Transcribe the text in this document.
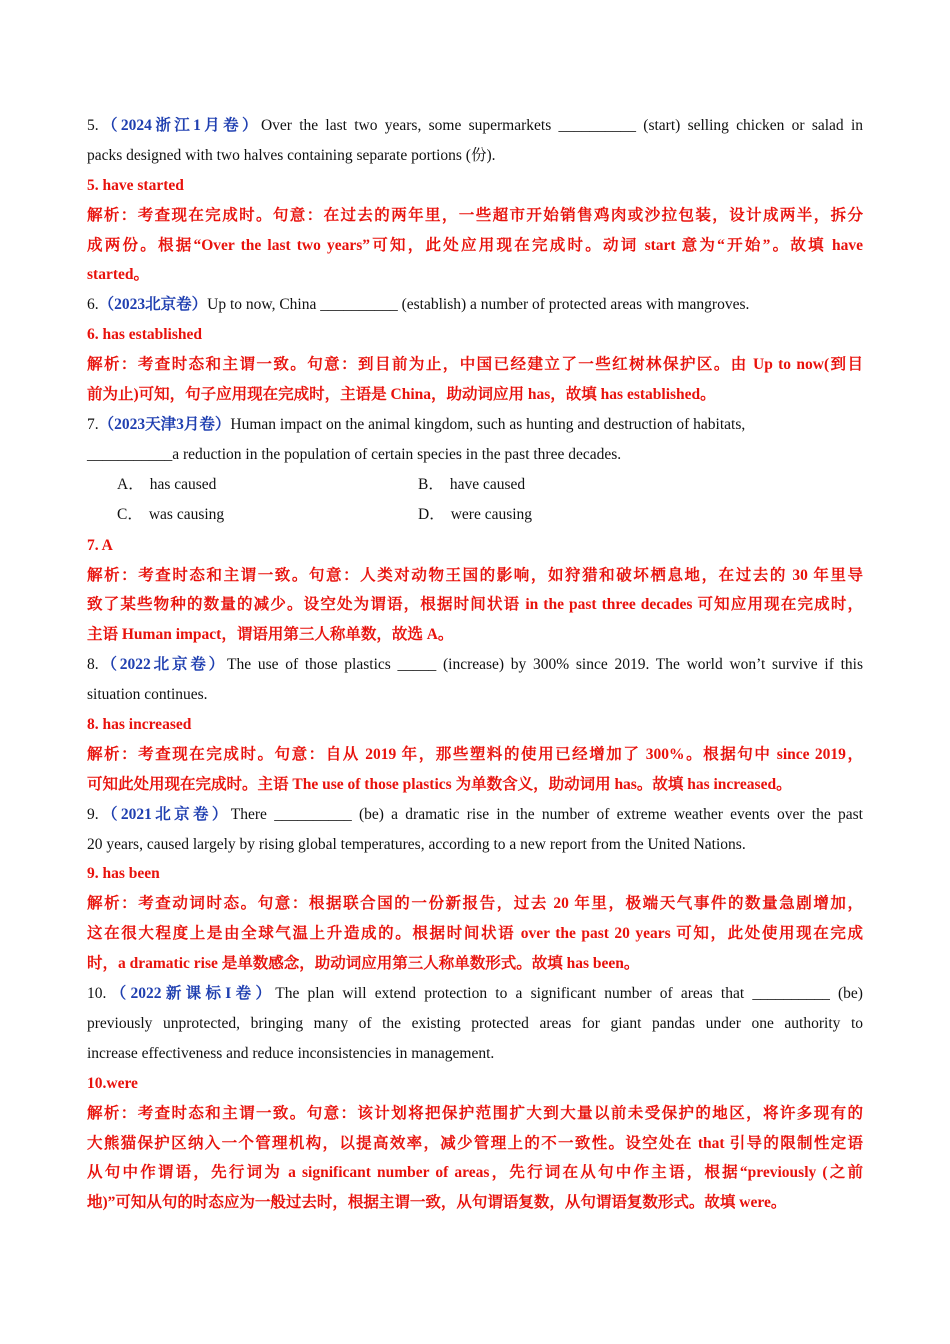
5.（2024浙江1月卷）Over the last two years, some supermarkets __________ (start) selling chicken or salad in
packs designed with two halves containing separate portions (份).
5. have started
解析：考查现在完成时。句意：在过去的两年里，一些超市开始销售鸡肉或沙拉包装，设计成两半，拆分
成两份。根据“Over the last two years”可知，此处应用现在完成时。动词 start 意为“开始”。故填 have
started。
6.（2023北京卷）Up to now, China __________ (establish) a number of protected areas with mangroves.
6. has established
解析：考查时态和主谓一致。句意：到目前为止，中国已经建立了一些红树林保护区。由 Up to now(到目
前为止)可知，句子应用现在完成时，主语是 China，助动词应用 has，故填 has established。
7.（2023天津3月卷）Human impact on the animal kingdom, such as hunting and destruction of habitats,
___________a reduction in the population of certain species in the past three decades.
A． has caused	B． have caused
C． was causing	D． were causing
7. A
解析：考查时态和主谓一致。句意：人类对动物王国的影响，如狩猎和破坏栖息地，在过去的 30 年里导
致了某些物种的数量的减少。设空处为谓语，根据时间状语 in the past three decades 可知应用现在完成时，
主语 Human impact，谓语用第三人称单数，故选 A。
8.（2022北京卷）The use of those plastics _____ (increase) by 300% since 2019. The world won’t survive if this
situation continues.
8. has increased
解析：考查现在完成时。句意：自从 2019 年，那些塑料的使用已经增加了 300%。根据句中 since 2019，
可知此处用现在完成时。主语 The use of those plastics 为单数含义，助动词用 has。故填 has increased。
9.（2021北京卷）There __________ (be) a dramatic rise in the number of extreme weather events over the past
20 years, caused largely by rising global temperatures, according to a new report from the United Nations.
9. has been
解析：考查动词时态。句意：根据联合国的一份新报告，过去 20 年里，极端天气事件的数量急剧增加，
这在很大程度上是由全球气温上升造成的。根据时间状语 over the past 20 years 可知，此处使用现在完成
时，a dramatic rise 是单数感念，助动词应用第三人称单数形式。故填 has been。
10.（2022新课标I卷）The plan will extend protection to a significant number of areas that __________ (be)
previously unprotected, bringing many of the existing protected areas for giant pandas under one authority to
increase effectiveness and reduce inconsistencies in management.
10.were
解析：考查时态和主谓一致。句意：该计划将把保护范围扩大到大量以前未受保护的地区，将许多现有的
大熊猫保护区纳入一个管理机构，以提高效率，减少管理上的不一致性。设空处在 that 引导的限制性定语
从句中作谓语，先行词为 a significant number of areas，先行词在从句中作主语，根据“previously (之前
地)”可知从句的时态应为一般过去时，根据主谓一致，从句谓语复数，从句谓语复数形式。故填 were。
